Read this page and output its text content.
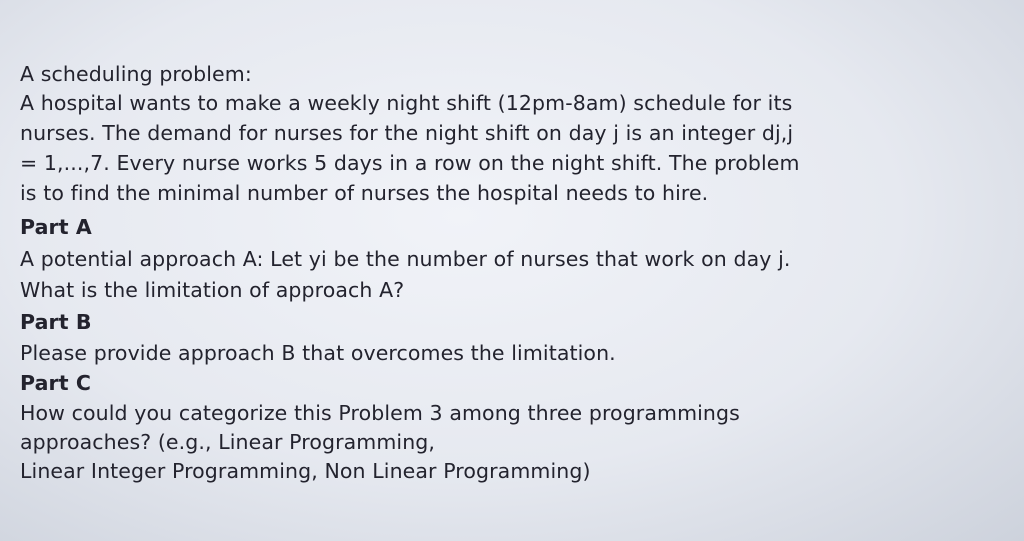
A scheduling problem:
A hospital wants to make a weekly night shift (12pm-8am) schedule for its
nurses. The demand for nurses for the night shift on day j is an integer dj,j
= 1,...,7. Every nurse works 5 days in a row on the night shift. The problem
is to find the minimal number of nurses the hospital needs to hire.
Part A
A potential approach A: Let yi be the number of nurses that work on day j.
What is the limitation of approach A?
Part B
Please provide approach B that overcomes the limitation.
Part C
How could you categorize this Problem 3 among three programmings
approaches? (e.g., Linear Programming,
Linear Integer Programming, Non Linear Programming)
